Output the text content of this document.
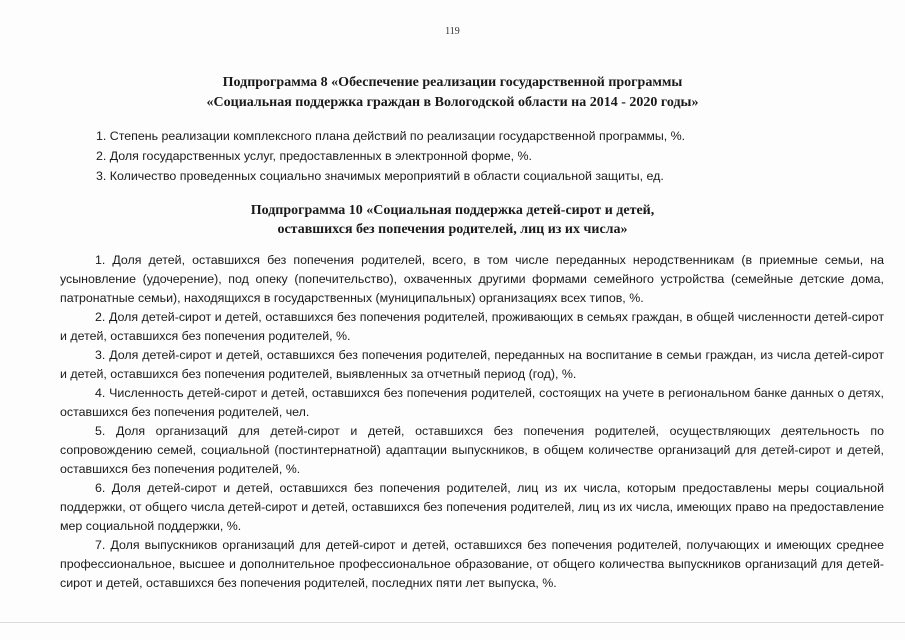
119
Подпрограмма 8 «Обеспечение реализации государственной программы
«Социальная поддержка граждан в Вологодской области на 2014 - 2020 годы»
1. Степень реализации комплексного плана действий по реализации государственной программы, %.
2. Доля государственных услуг, предоставленных в электронной форме, %.
3. Количество проведенных социально значимых мероприятий в области социальной защиты, ед.
Подпрограмма 10 «Социальная поддержка детей-сирот и детей,
оставшихся без попечения родителей, лиц из их числа»

1. Доля детей, оставшихся без попечения родителей, всего, в том числе переданных неродственникам (в приемные семьи, на усыновление (удочерение), под опеку (попечительство), охваченных другими формами семейного устройства (семейные детские дома, патронатные семьи), находящихся в государственных (муниципальных) организациях всех типов, %.

2. Доля детей-сирот и детей, оставшихся без попечения родителей, проживающих в семьях граждан, в общей численности детей-сирот и детей, оставшихся без попечения родителей, %.

3. Доля детей-сирот и детей, оставшихся без попечения родителей, переданных на воспитание в семьи граждан, из числа детей-сирот и детей, оставшихся без попечения родителей, выявленных за отчетный период (год), %.

4. Численность детей-сирот и детей, оставшихся без попечения родителей, состоящих на учете в региональном банке данных о детях, оставшихся без попечения родителей, чел.

5. Доля организаций для детей-сирот и детей, оставшихся без попечения родителей, осуществляющих деятельность по сопровождению семей, социальной (постинтернатной) адаптации выпускников, в общем количестве организаций для детей-сирот и детей, оставшихся без попечения родителей, %.

6. Доля детей-сирот и детей, оставшихся без попечения родителей, лиц из их числа, которым предоставлены меры социальной поддержки, от общего числа детей-сирот и детей, оставшихся без попечения родителей, лиц из их числа, имеющих право на предоставление мер социальной поддержки, %.

7. Доля выпускников организаций для детей-сирот и детей, оставшихся без попечения родителей, получающих и имеющих среднее профессиональное, высшее и дополнительное профессиональное образование, от общего количества выпускников организаций для детей-сирот и детей, оставшихся без попечения родителей, последних пяти лет выпуска, %.
